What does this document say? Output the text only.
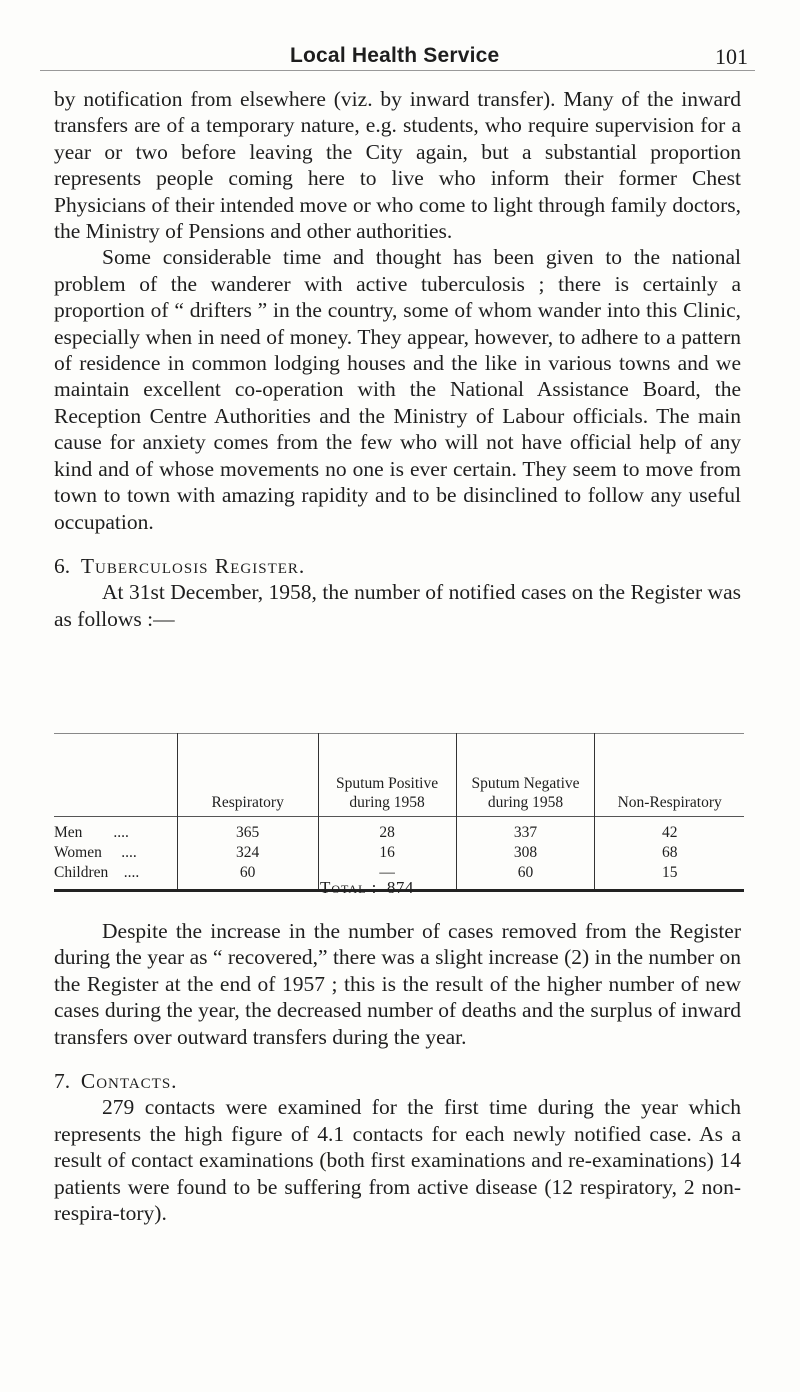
Local Health Service	101

by notification from elsewhere (viz. by inward transfer). Many of the inward transfers are of a temporary nature, e.g. students, who require supervision for a year or two before leaving the City again, but a substantial proportion represents people coming here to live who inform their former Chest Physicians of their intended move or who come to light through family doctors, the Ministry of Pensions and other authorities.

Some considerable time and thought has been given to the national problem of the wanderer with active tuberculosis ; there is certainly a proportion of “ drifters ” in the country, some of whom wander into this Clinic, especially when in need of money. They appear, however, to adhere to a pattern of residence in common lodging houses and the like in various towns and we maintain excellent co-operation with the National Assistance Board, the Reception Centre Authorities and the Ministry of Labour officials. The main cause for anxiety comes from the few who will not have official help of any kind and of whose movements no one is ever certain. They seem to move from town to town with amazing rapidity and to be disinclined to follow any useful occupation.

6. Tuberculosis Register.

At 31st December, 1958, the number of notified cases on the Register was as follows :—

	Respiratory	Sputum Positive during 1958	Sputum Negative during 1958	Non-Respiratory
Men ....	365	28	337	42
Women ....	324	16	308	68
Children ....	60	—	60	15
Total : 874

Despite the increase in the number of cases removed from the Register during the year as “ recovered,” there was a slight increase (2) in the number on the Register at the end of 1957 ; this is the result of the higher number of new cases during the year, the decreased number of deaths and the surplus of inward transfers over outward transfers during the year.

7. Contacts.

279 contacts were examined for the first time during the year which represents the high figure of 4.1 contacts for each newly notified case. As a result of contact examinations (both first examinations and re-examinations) 14 patients were found to be suffering from active disease (12 respiratory, 2 non-respira-tory).
